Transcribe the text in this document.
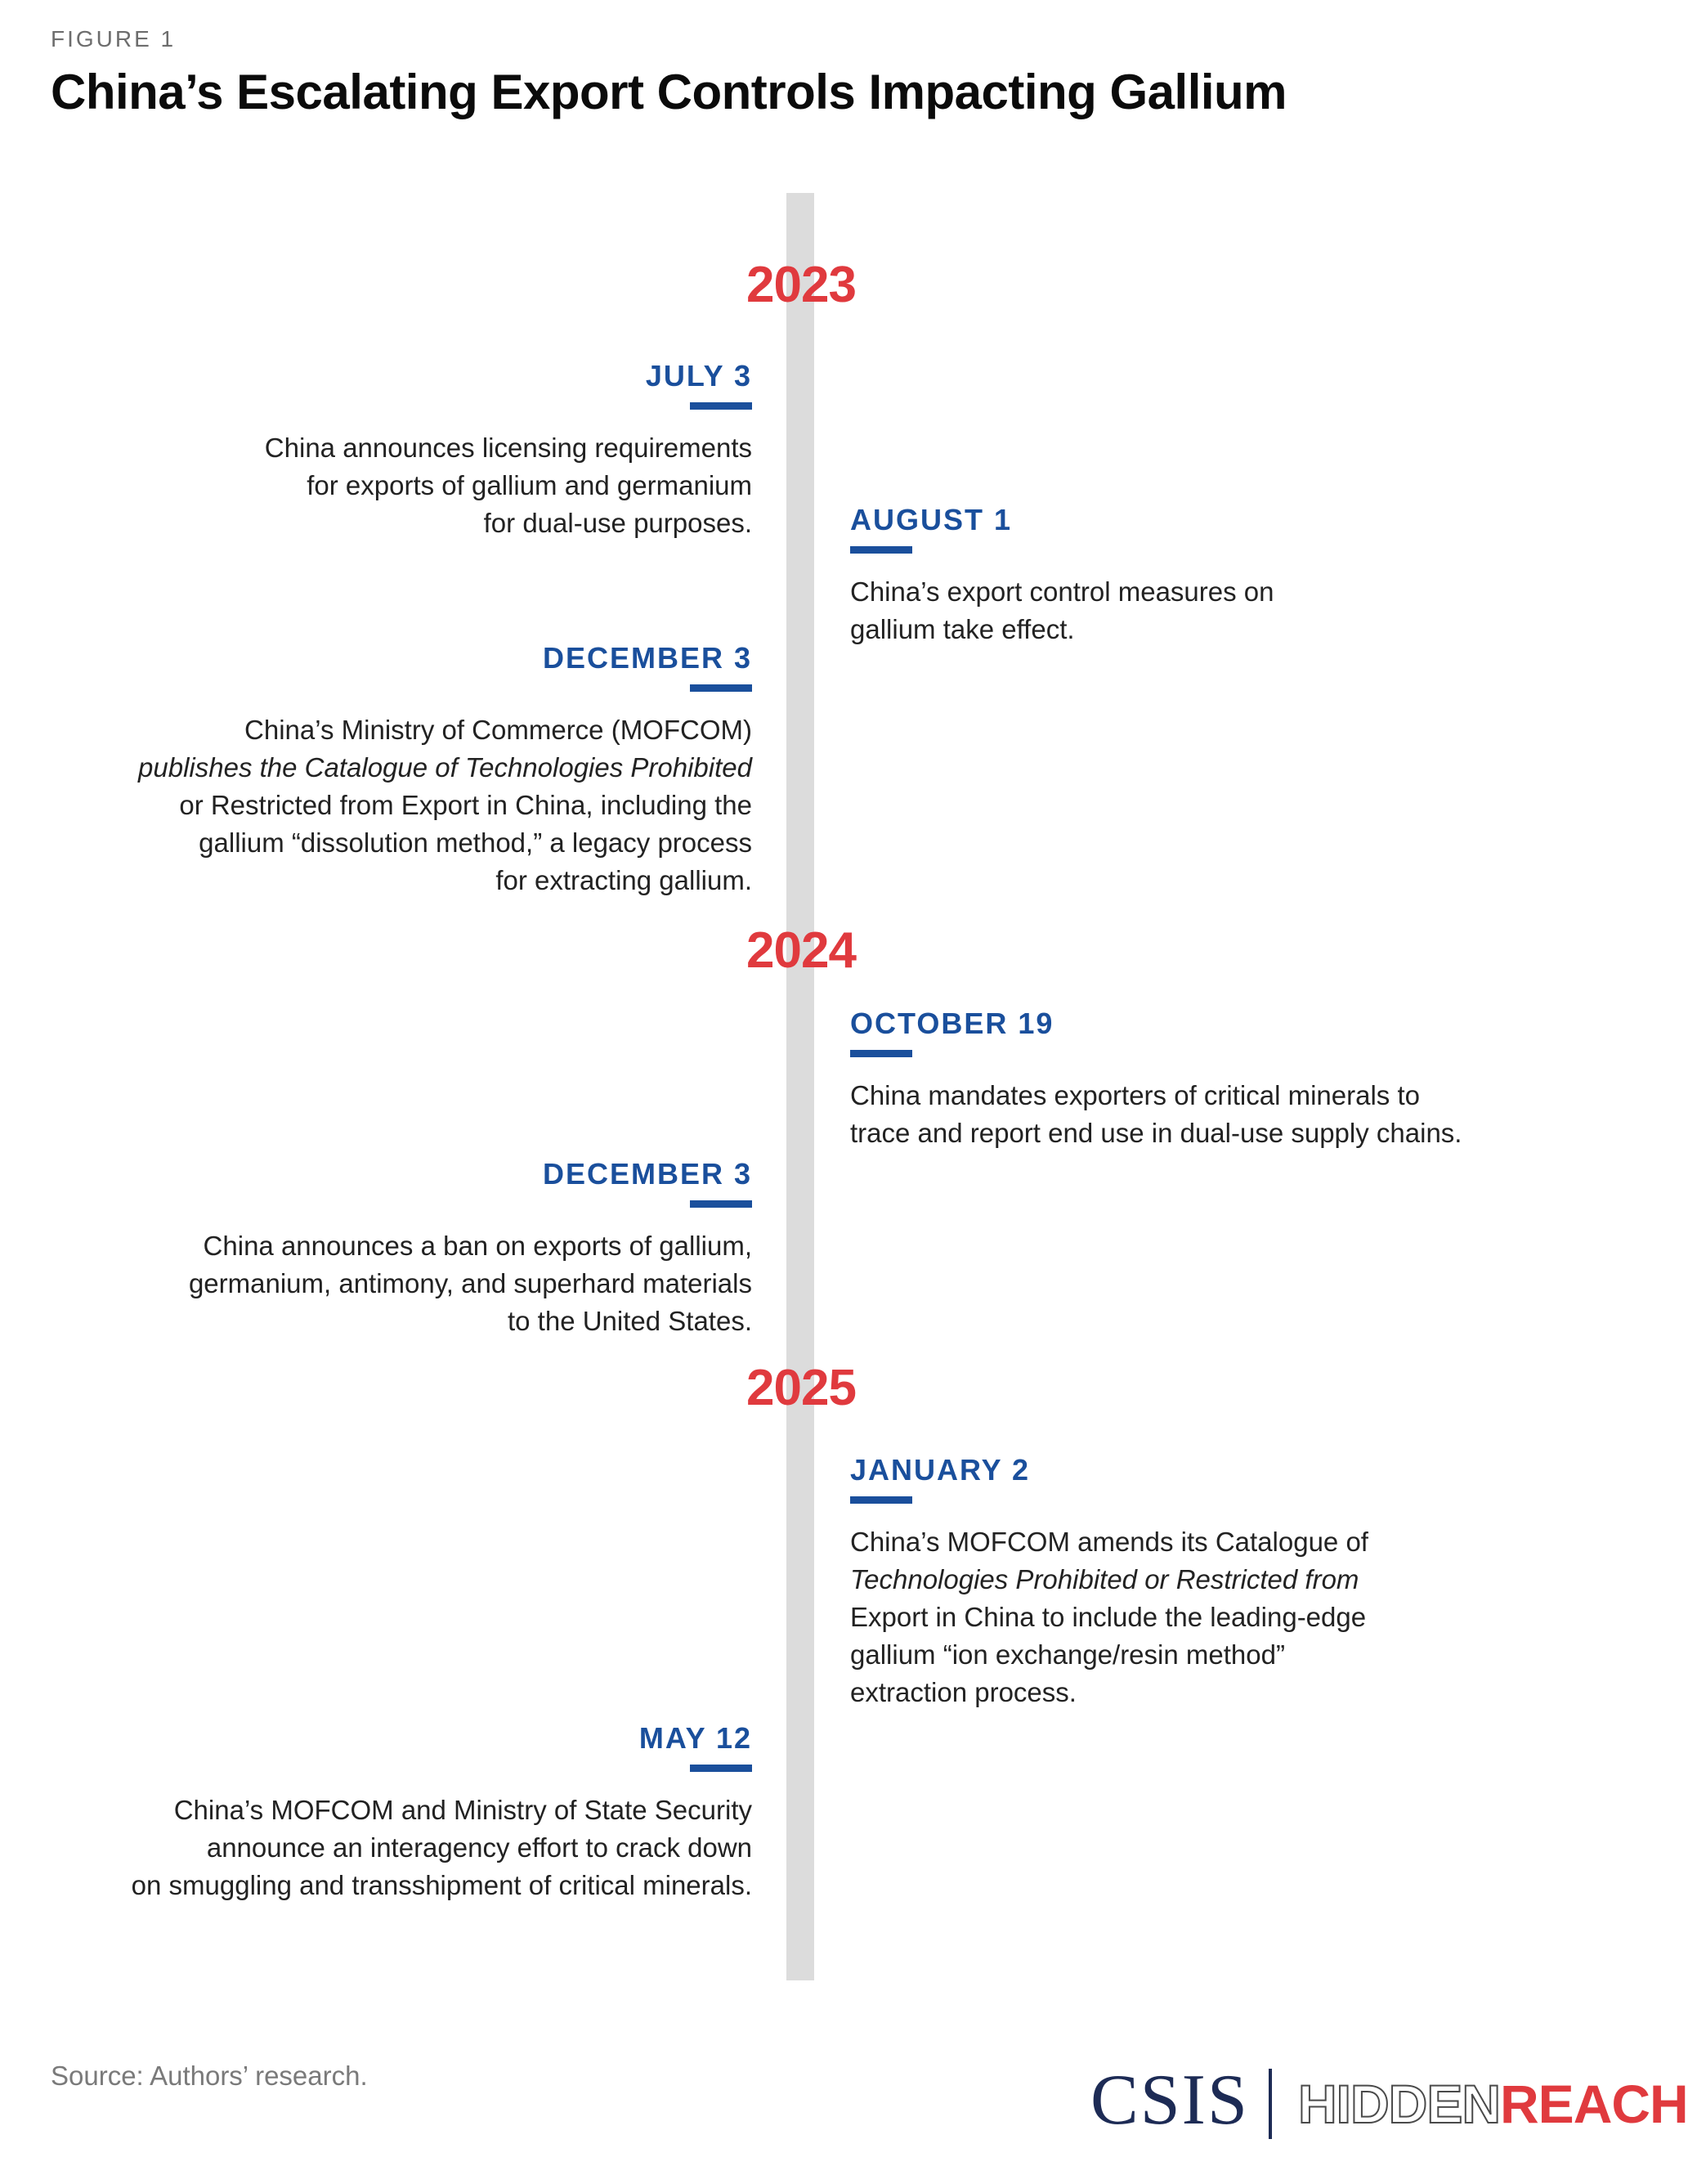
FIGURE 1
China’s Escalating Export Controls Impacting Gallium
2023
2024
2025
JULY 3
China announces licensing requirements
for exports of gallium and germanium
for dual-use purposes.	AUGUST 1
China’s export control measures on
gallium take effect.
DECEMBER 3
China’s Ministry of Commerce (MOFCOM)
publishes the Catalogue of Technologies Prohibited
or Restricted from Export in China, including the
gallium “dissolution method,” a legacy process
for extracting gallium.
OCTOBER 19
China mandates exporters of critical minerals to
trace and report end use in dual-use supply chains.
DECEMBER 3
China announces a ban on exports of gallium,
germanium, antimony, and superhard materials
to the United States.
JANUARY 2
China’s MOFCOM amends its Catalogue of
Technologies Prohibited or Restricted from
Export in China to include the leading-edge
gallium “ion exchange/resin method”
extraction process.
MAY 12
China’s MOFCOM and Ministry of State Security
announce an interagency effort to crack down
on smuggling and transshipment of critical minerals.
Source: Authors’ research.	CSIS HIDDENREACH
